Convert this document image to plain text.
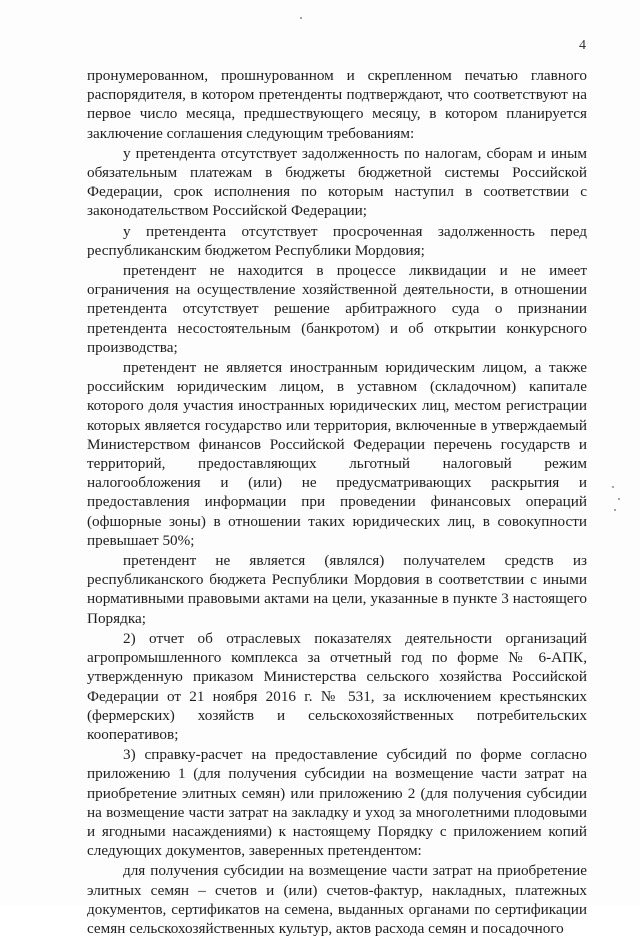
4

пронумерованном, прошнурованном и скрепленном печатью главного распорядителя, в котором претенденты подтверждают, что соответствуют на первое число месяца, предшествующего месяцу, в котором планируется заключение соглашения следующим требованиям:

у претендента отсутствует задолженность по налогам, сборам и иным обязательным платежам в бюджеты бюджетной системы Российской Федерации, срок исполнения по которым наступил в соответствии с законодательством Российской Федерации;

у претендента отсутствует просроченная задолженность перед республиканским бюджетом Республики Мордовия;

претендент не находится в процессе ликвидации и не имеет ограничения на осуществление хозяйственной деятельности, в отношении претендента отсутствует решение арбитражного суда о признании претендента несостоятельным (банкротом) и об открытии конкурсного производства;

претендент не является иностранным юридическим лицом, а также российским юридическим лицом, в уставном (складочном) капитале которого доля участия иностранных юридических лиц, местом регистрации которых является государство или территория, включенные в утверждаемый Министерством финансов Российской Федерации перечень государств и территорий, предоставляющих льготный налоговый режим налогообложения и (или) не предусматривающих раскрытия и предоставления информации при проведении финансовых операций (офшорные зоны) в отношении таких юридических лиц, в совокупности превышает 50%;

претендент не является (являлся) получателем средств из республиканского бюджета Республики Мордовия в соответствии с иными нормативными правовыми актами на цели, указанные в пункте 3 настоящего Порядка;

2) отчет об отраслевых показателях деятельности организаций агропромышленного комплекса за отчетный год по форме № 6-АПК, утвержденную приказом Министерства сельского хозяйства Российской Федерации от 21 ноября 2016 г. № 531, за исключением крестьянских (фермерских) хозяйств и сельскохозяйственных потребительских кооперативов;

3) справку-расчет на предоставление субсидий по форме согласно приложению 1 (для получения субсидии на возмещение части затрат на приобретение элитных семян) или приложению 2 (для получения субсидии на возмещение части затрат на закладку и уход за многолетними плодовыми и ягодными насаждениями) к настоящему Порядку с приложением копий следующих документов, заверенных претендентом:

для получения субсидии на возмещение части затрат на приобретение элитных семян – счетов и (или) счетов-фактур, накладных, платежных документов, сертификатов на семена, выданных органами по сертификации семян сельскохозяйственных культур, актов расхода семян и посадочного
